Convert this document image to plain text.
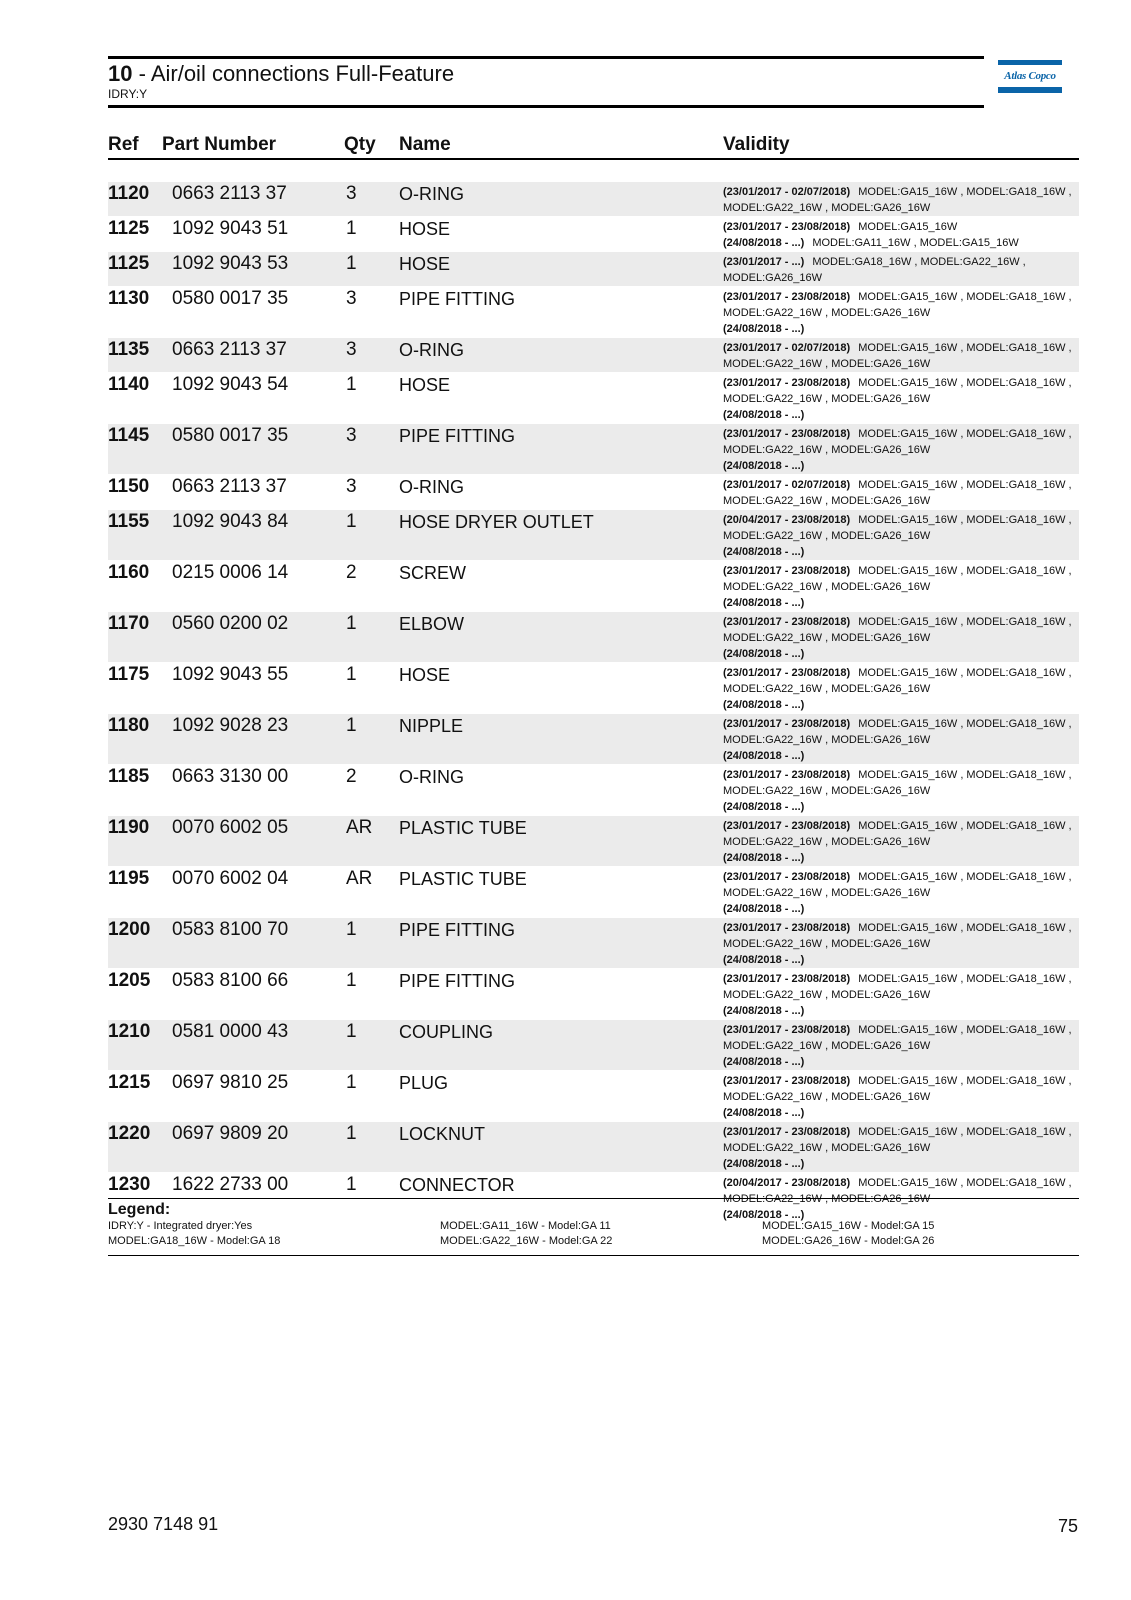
10 - Air/oil connections Full-Feature
IDRY:Y
Atlas Copco
Ref Part Number	Qty Name	Validity
1120 0663 2113 37	3 O-RING	(23/01/2017 - 02/07/2018) MODEL:GA15_16W , MODEL:GA18_16W ,
MODEL:GA22_16W , MODEL:GA26_16W
1125 1092 9043 51	1 HOSE	(23/01/2017 - 23/08/2018) MODEL:GA15_16W
(24/08/2018 - ...) MODEL:GA11_16W , MODEL:GA15_16W
1125 1092 9043 53	1 HOSE	(23/01/2017 - ...) MODEL:GA18_16W , MODEL:GA22_16W ,
MODEL:GA26_16W
1130 0580 0017 35	3 PIPE FITTING	(23/01/2017 - 23/08/2018) MODEL:GA15_16W , MODEL:GA18_16W ,
MODEL:GA22_16W , MODEL:GA26_16W
(24/08/2018 - ...)
1135 0663 2113 37	3 O-RING	(23/01/2017 - 02/07/2018) MODEL:GA15_16W , MODEL:GA18_16W ,
MODEL:GA22_16W , MODEL:GA26_16W
1140 1092 9043 54	1 HOSE	(23/01/2017 - 23/08/2018) MODEL:GA15_16W , MODEL:GA18_16W ,
MODEL:GA22_16W , MODEL:GA26_16W
(24/08/2018 - ...)
1145 0580 0017 35	3 PIPE FITTING	(23/01/2017 - 23/08/2018) MODEL:GA15_16W , MODEL:GA18_16W ,
MODEL:GA22_16W , MODEL:GA26_16W
(24/08/2018 - ...)
1150 0663 2113 37	3 O-RING	(23/01/2017 - 02/07/2018) MODEL:GA15_16W , MODEL:GA18_16W ,
MODEL:GA22_16W , MODEL:GA26_16W
1155 1092 9043 84	1 HOSE DRYER OUTLET	(20/04/2017 - 23/08/2018) MODEL:GA15_16W , MODEL:GA18_16W ,
MODEL:GA22_16W , MODEL:GA26_16W
(24/08/2018 - ...)
1160 0215 0006 14	2 SCREW	(23/01/2017 - 23/08/2018) MODEL:GA15_16W , MODEL:GA18_16W ,
MODEL:GA22_16W , MODEL:GA26_16W
(24/08/2018 - ...)
1170 0560 0200 02	1 ELBOW	(23/01/2017 - 23/08/2018) MODEL:GA15_16W , MODEL:GA18_16W ,
MODEL:GA22_16W , MODEL:GA26_16W
(24/08/2018 - ...)
1175 1092 9043 55	1 HOSE	(23/01/2017 - 23/08/2018) MODEL:GA15_16W , MODEL:GA18_16W ,
MODEL:GA22_16W , MODEL:GA26_16W
(24/08/2018 - ...)
1180 1092 9028 23	1 NIPPLE	(23/01/2017 - 23/08/2018) MODEL:GA15_16W , MODEL:GA18_16W ,
MODEL:GA22_16W , MODEL:GA26_16W
(24/08/2018 - ...)
1185 0663 3130 00	2 O-RING	(23/01/2017 - 23/08/2018) MODEL:GA15_16W , MODEL:GA18_16W ,
MODEL:GA22_16W , MODEL:GA26_16W
(24/08/2018 - ...)
1190 0070 6002 05	AR PLASTIC TUBE	(23/01/2017 - 23/08/2018) MODEL:GA15_16W , MODEL:GA18_16W ,
MODEL:GA22_16W , MODEL:GA26_16W
(24/08/2018 - ...)
1195 0070 6002 04	AR PLASTIC TUBE	(23/01/2017 - 23/08/2018) MODEL:GA15_16W , MODEL:GA18_16W ,
MODEL:GA22_16W , MODEL:GA26_16W
(24/08/2018 - ...)
1200 0583 8100 70	1 PIPE FITTING	(23/01/2017 - 23/08/2018) MODEL:GA15_16W , MODEL:GA18_16W ,
MODEL:GA22_16W , MODEL:GA26_16W
(24/08/2018 - ...)
1205 0583 8100 66	1 PIPE FITTING	(23/01/2017 - 23/08/2018) MODEL:GA15_16W , MODEL:GA18_16W ,
MODEL:GA22_16W , MODEL:GA26_16W
(24/08/2018 - ...)
1210 0581 0000 43	1 COUPLING	(23/01/2017 - 23/08/2018) MODEL:GA15_16W , MODEL:GA18_16W ,
MODEL:GA22_16W , MODEL:GA26_16W
(24/08/2018 - ...)
1215 0697 9810 25	1 PLUG	(23/01/2017 - 23/08/2018) MODEL:GA15_16W , MODEL:GA18_16W ,
MODEL:GA22_16W , MODEL:GA26_16W
(24/08/2018 - ...)
1220 0697 9809 20	1 LOCKNUT	(23/01/2017 - 23/08/2018) MODEL:GA15_16W , MODEL:GA18_16W ,
MODEL:GA22_16W , MODEL:GA26_16W
(24/08/2018 - ...)
1230 1622 2733 00	1 CONNECTOR	(20/04/2017 - 23/08/2018) MODEL:GA15_16W , MODEL:GA18_16W ,
MODEL:GA22_16W , MODEL:GA26_16W
(24/08/2018 - ...)
Legend:
IDRY:Y - Integrated dryer:Yes	MODEL:GA11_16W - Model:GA 11	MODEL:GA15_16W - Model:GA 15
MODEL:GA18_16W - Model:GA 18	MODEL:GA22_16W - Model:GA 22	MODEL:GA26_16W - Model:GA 26
2930 7148 91	75
